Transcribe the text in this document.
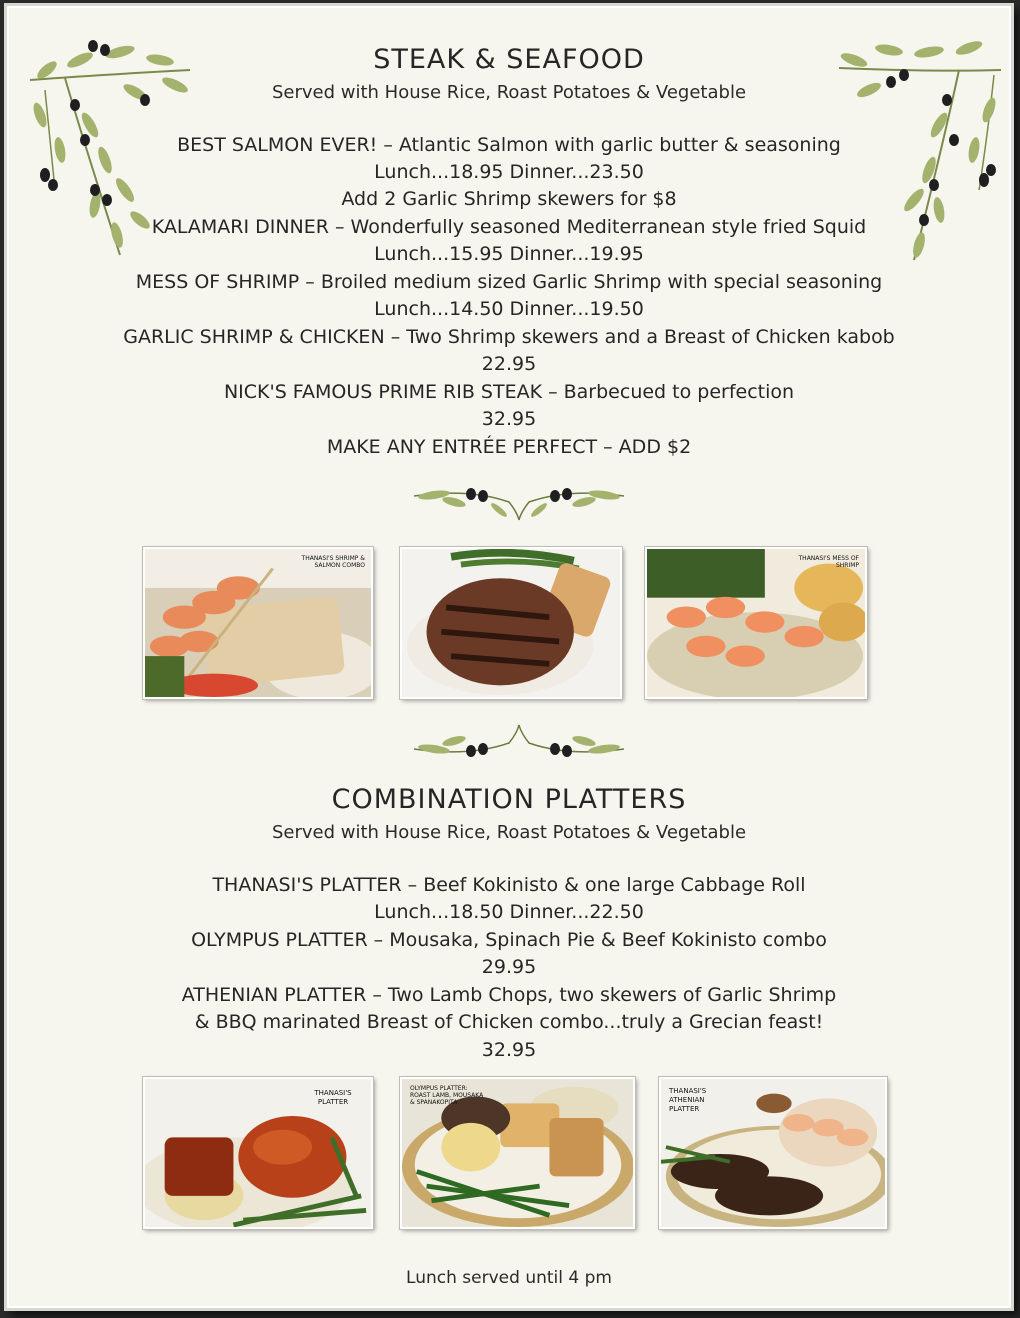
STEAK & SEAFOOD
Served with House Rice, Roast Potatoes & Vegetable
BEST SALMON EVER! – Atlantic Salmon with garlic butter & seasoning
Lunch...18.95 Dinner...23.50
Add 2 Garlic Shrimp skewers for $8
KALAMARI DINNER – Wonderfully seasoned Mediterranean style fried Squid
Lunch...15.95 Dinner...19.95
MESS OF SHRIMP – Broiled medium sized Garlic Shrimp with special seasoning
Lunch...14.50 Dinner...19.50
GARLIC SHRIMP & CHICKEN – Two Shrimp skewers and a Breast of Chicken kabob
22.95
NICK'S FAMOUS PRIME RIB STEAK – Barbecued to perfection
32.95
MAKE ANY ENTRÉE PERFECT – ADD $2
THANASI'S SHRIMP & SALMON COMBO
THANASI'S MESS OF SHRIMP
COMBINATION PLATTERS
Served with House Rice, Roast Potatoes & Vegetable
THANASI'S PLATTER – Beef Kokinisto & one large Cabbage Roll
Lunch...18.50 Dinner...22.50
OLYMPUS PLATTER – Mousaka, Spinach Pie & Beef Kokinisto combo
29.95
ATHENIAN PLATTER – Two Lamb Chops, two skewers of Garlic Shrimp
& BBQ marinated Breast of Chicken combo...truly a Grecian feast!
32.95
THANASI'S PLATTER
OLYMPUS PLATTER: ROAST LAMB, MOUSAKA & SPANAKOPITA
THANASI'S ATHENIAN PLATTER
Lunch served until 4 pm
